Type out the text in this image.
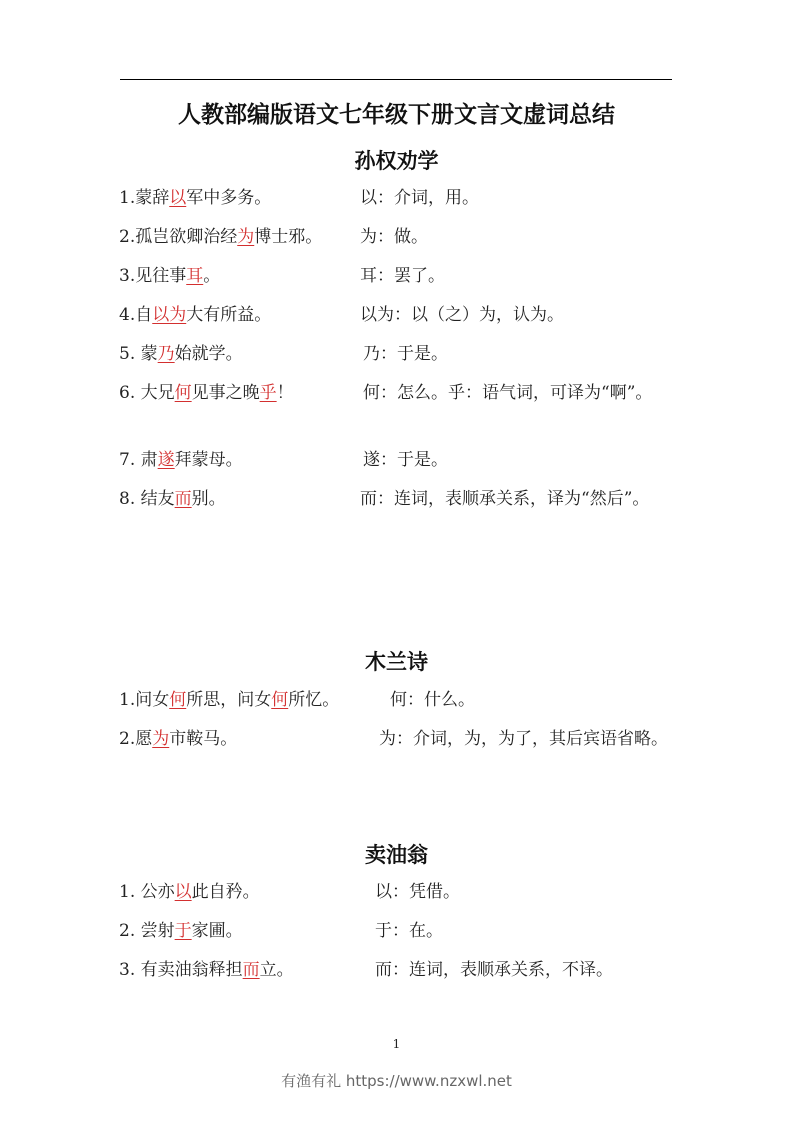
人教部编版语文七年级下册文言文虚词总结
孙权劝学
1.蒙辞以军中多务。	以：介词，用。
2.孤岂欲卿治经为博士邪。 为：做。
3.见往事耳。	耳：罢了。
4.自以为大有所益。	以为：以（之）为，认为。
5. 蒙乃始就学。	乃：于是。
6. 大兄何见事之晚乎！	何：怎么。乎：语气词，可译为“啊”。
7. 肃遂拜蒙母。	遂：于是。
8. 结友而别。	而：连词，表顺承关系，译为“然后”。
木兰诗
1.问女何所思，问女何所忆。	何：什么。
2.愿为市鞍马。	为：介词，为，为了，其后宾语省略。
卖油翁
1. 公亦以此自矜。	以：凭借。
2. 尝射于家圃。	于：在。
3. 有卖油翁释担而立。	而：连词，表顺承关系，不译。
1
有渔有礼 https://www.nzxwl.net
